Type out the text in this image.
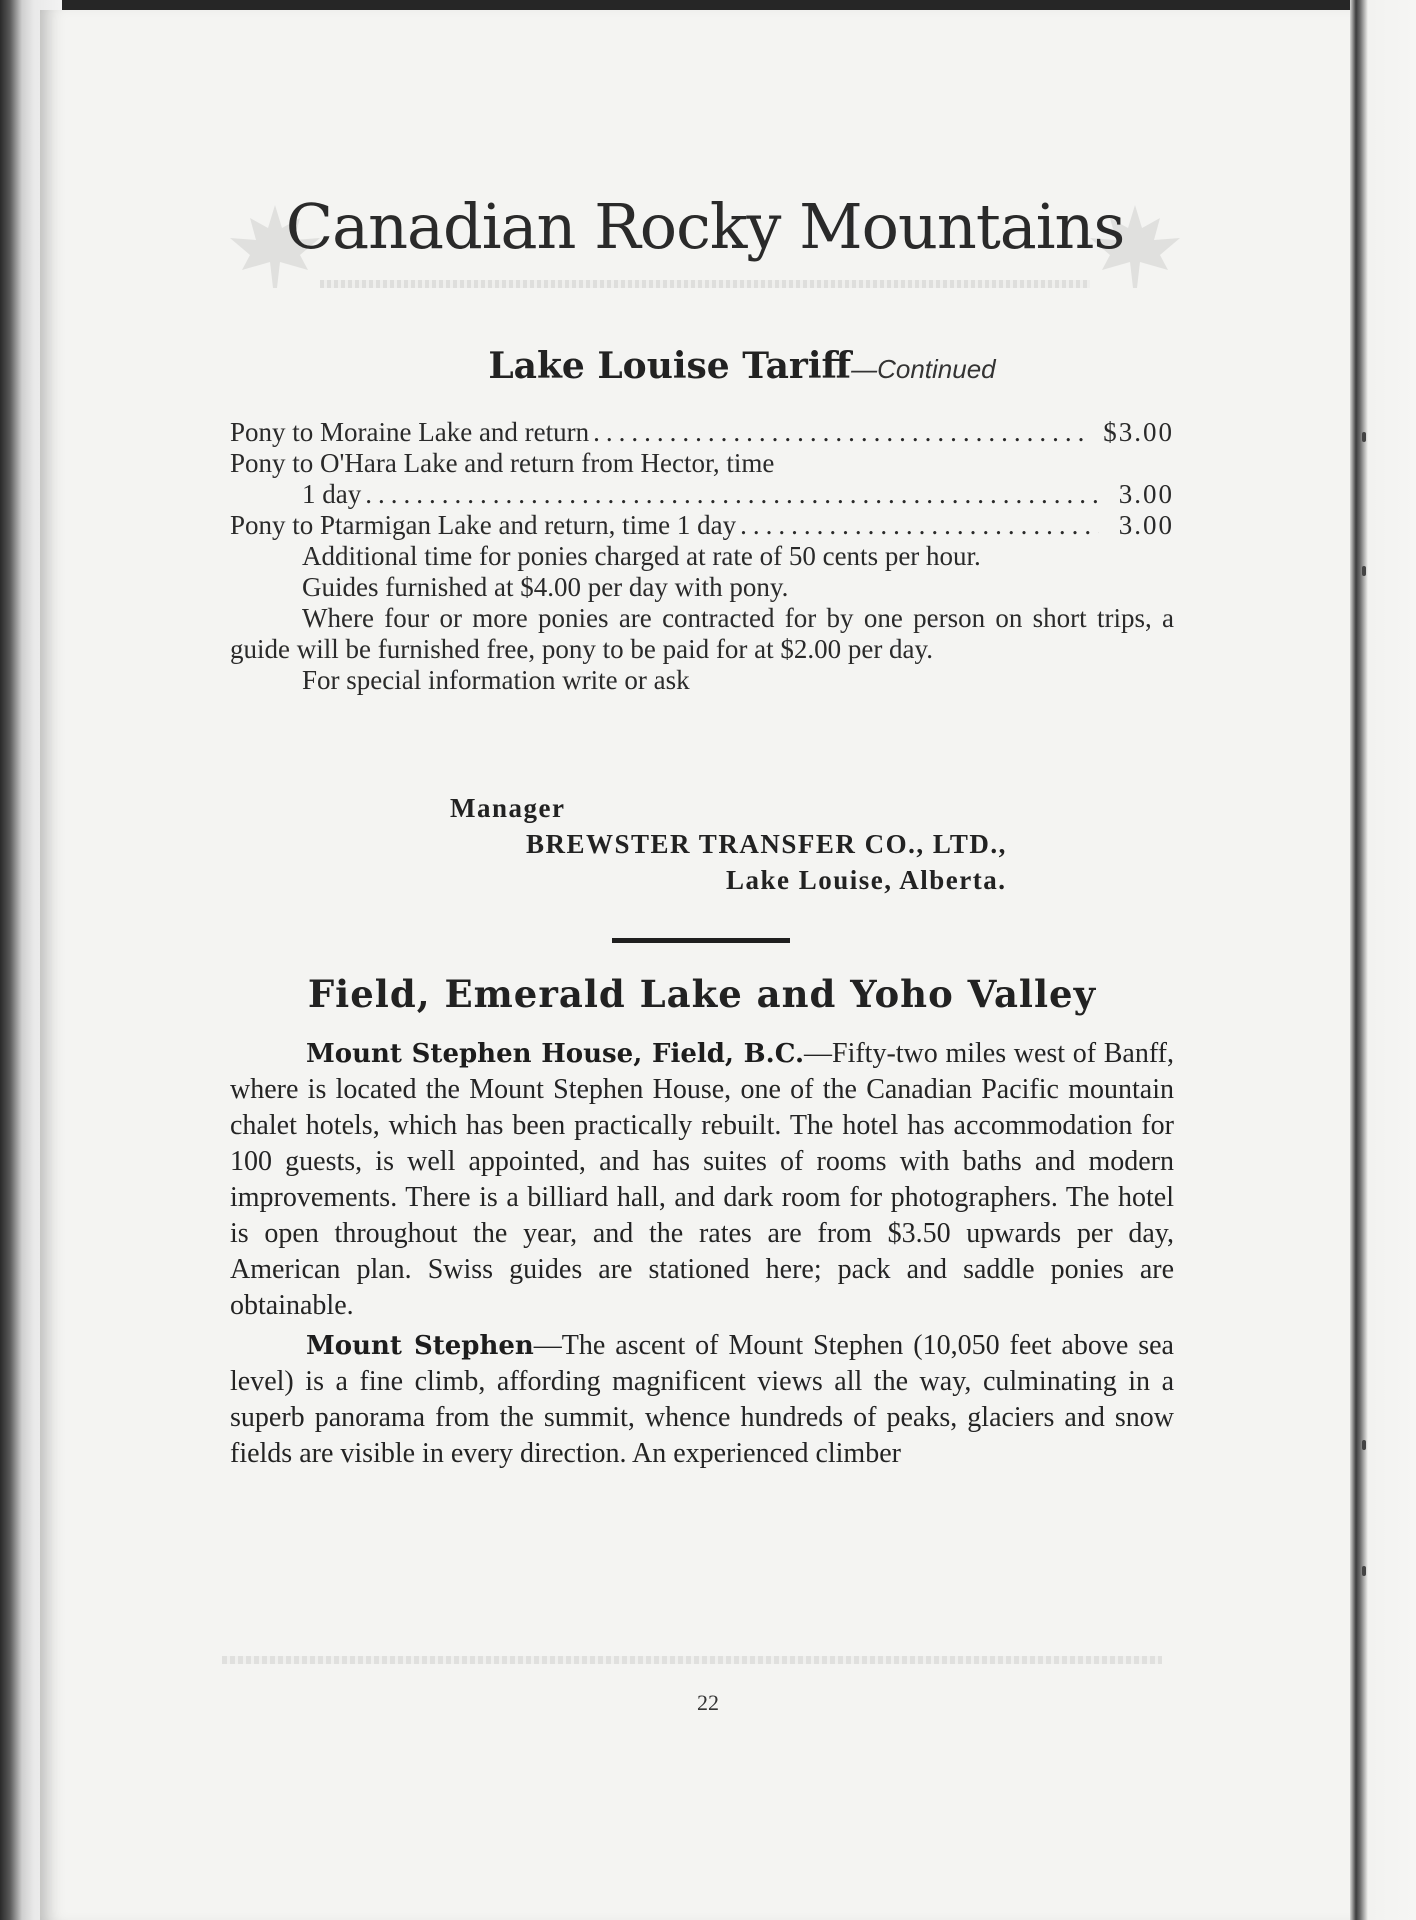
Canadian Rocky Mountains
Lake Louise Tariff—Continued
Pony to Moraine Lake and return .....	$3.00
Pony to O'Hara Lake and return from Hector, time
1 day .....	3.00
Pony to Ptarmigan Lake and return, time 1 day .....	3.00

Additional time for ponies charged at rate of 50 cents per hour.

Guides furnished at $4.00 per day with pony.

Where four or more ponies are contracted for by one person on short trips, a guide will be furnished free, pony to be paid for at $2.00 per day.

For special information write or ask

Manager
BREWSTER TRANSFER CO., LTD.,
Lake Louise, Alberta.
Field, Emerald Lake and Yoho Valley

Mount Stephen House, Field, B.C.—Fifty-two miles west of Banff, where is located the Mount Stephen House, one of the Canadian Pacific mountain chalet hotels, which has been practically rebuilt. The hotel has accommodation for 100 guests, is well appointed, and has suites of rooms with baths and modern improvements. There is a billiard hall, and dark room for photographers. The hotel is open throughout the year, and the rates are from $3.50 upwards per day, American plan. Swiss guides are stationed here; pack and saddle ponies are obtainable.

Mount Stephen—The ascent of Mount Stephen (10,050 feet above sea level) is a fine climb, affording magnificent views all the way, culminating in a superb panorama from the summit, whence hundreds of peaks, glaciers and snow fields are visible in every direction. An experienced climber

22
